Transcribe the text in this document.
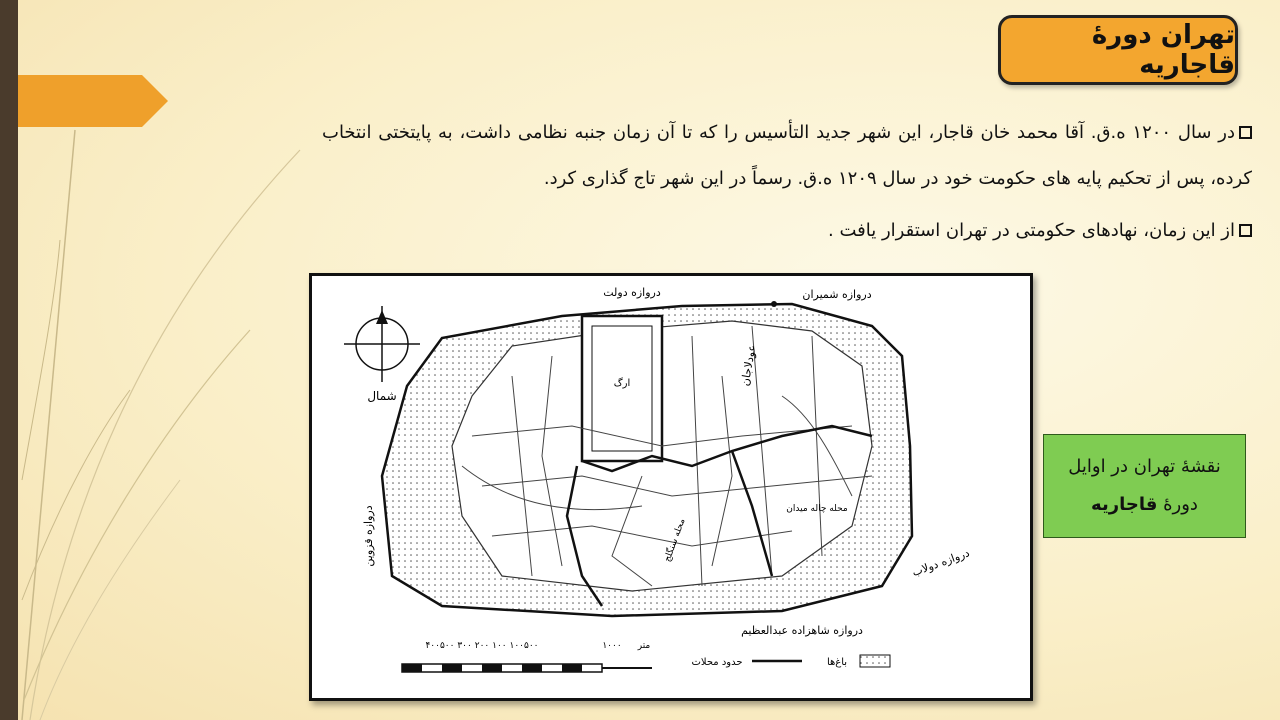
تهران دورۀ قاجاریه

در سال ۱۲۰۰ ه.ق. آقا محمد خان قاجار، این شهر جدید التأسیس را که تا آن زمان جنبه نظامی داشت، به پایتختی انتخاب کرده، پس از تحکیم پایه های حکومت خود در سال ۱۲۰۹ ه.ق. رسماً در این شهر تاج گذاری کرد.

از این زمان، نهادهای حکومتی در تهران استقرار یافت .

شمال
دروازه دولت	دروازه شمیران
دروازه قزوین	دروازه دولاب
دروازه شاهزاده عبدالعظیم
عودلاجان
ارگ
محله چاله میدان
محله سنگلج
۱۰۰۵۰۰ ۱۰۰ ۲۰۰ ۳۰۰ ۴۰۰۵۰۰	۱۰۰۰ متر
حدود محلات	باغ‌ها
نقشۀ تهران در اوایل
دورۀ قاجاریه
